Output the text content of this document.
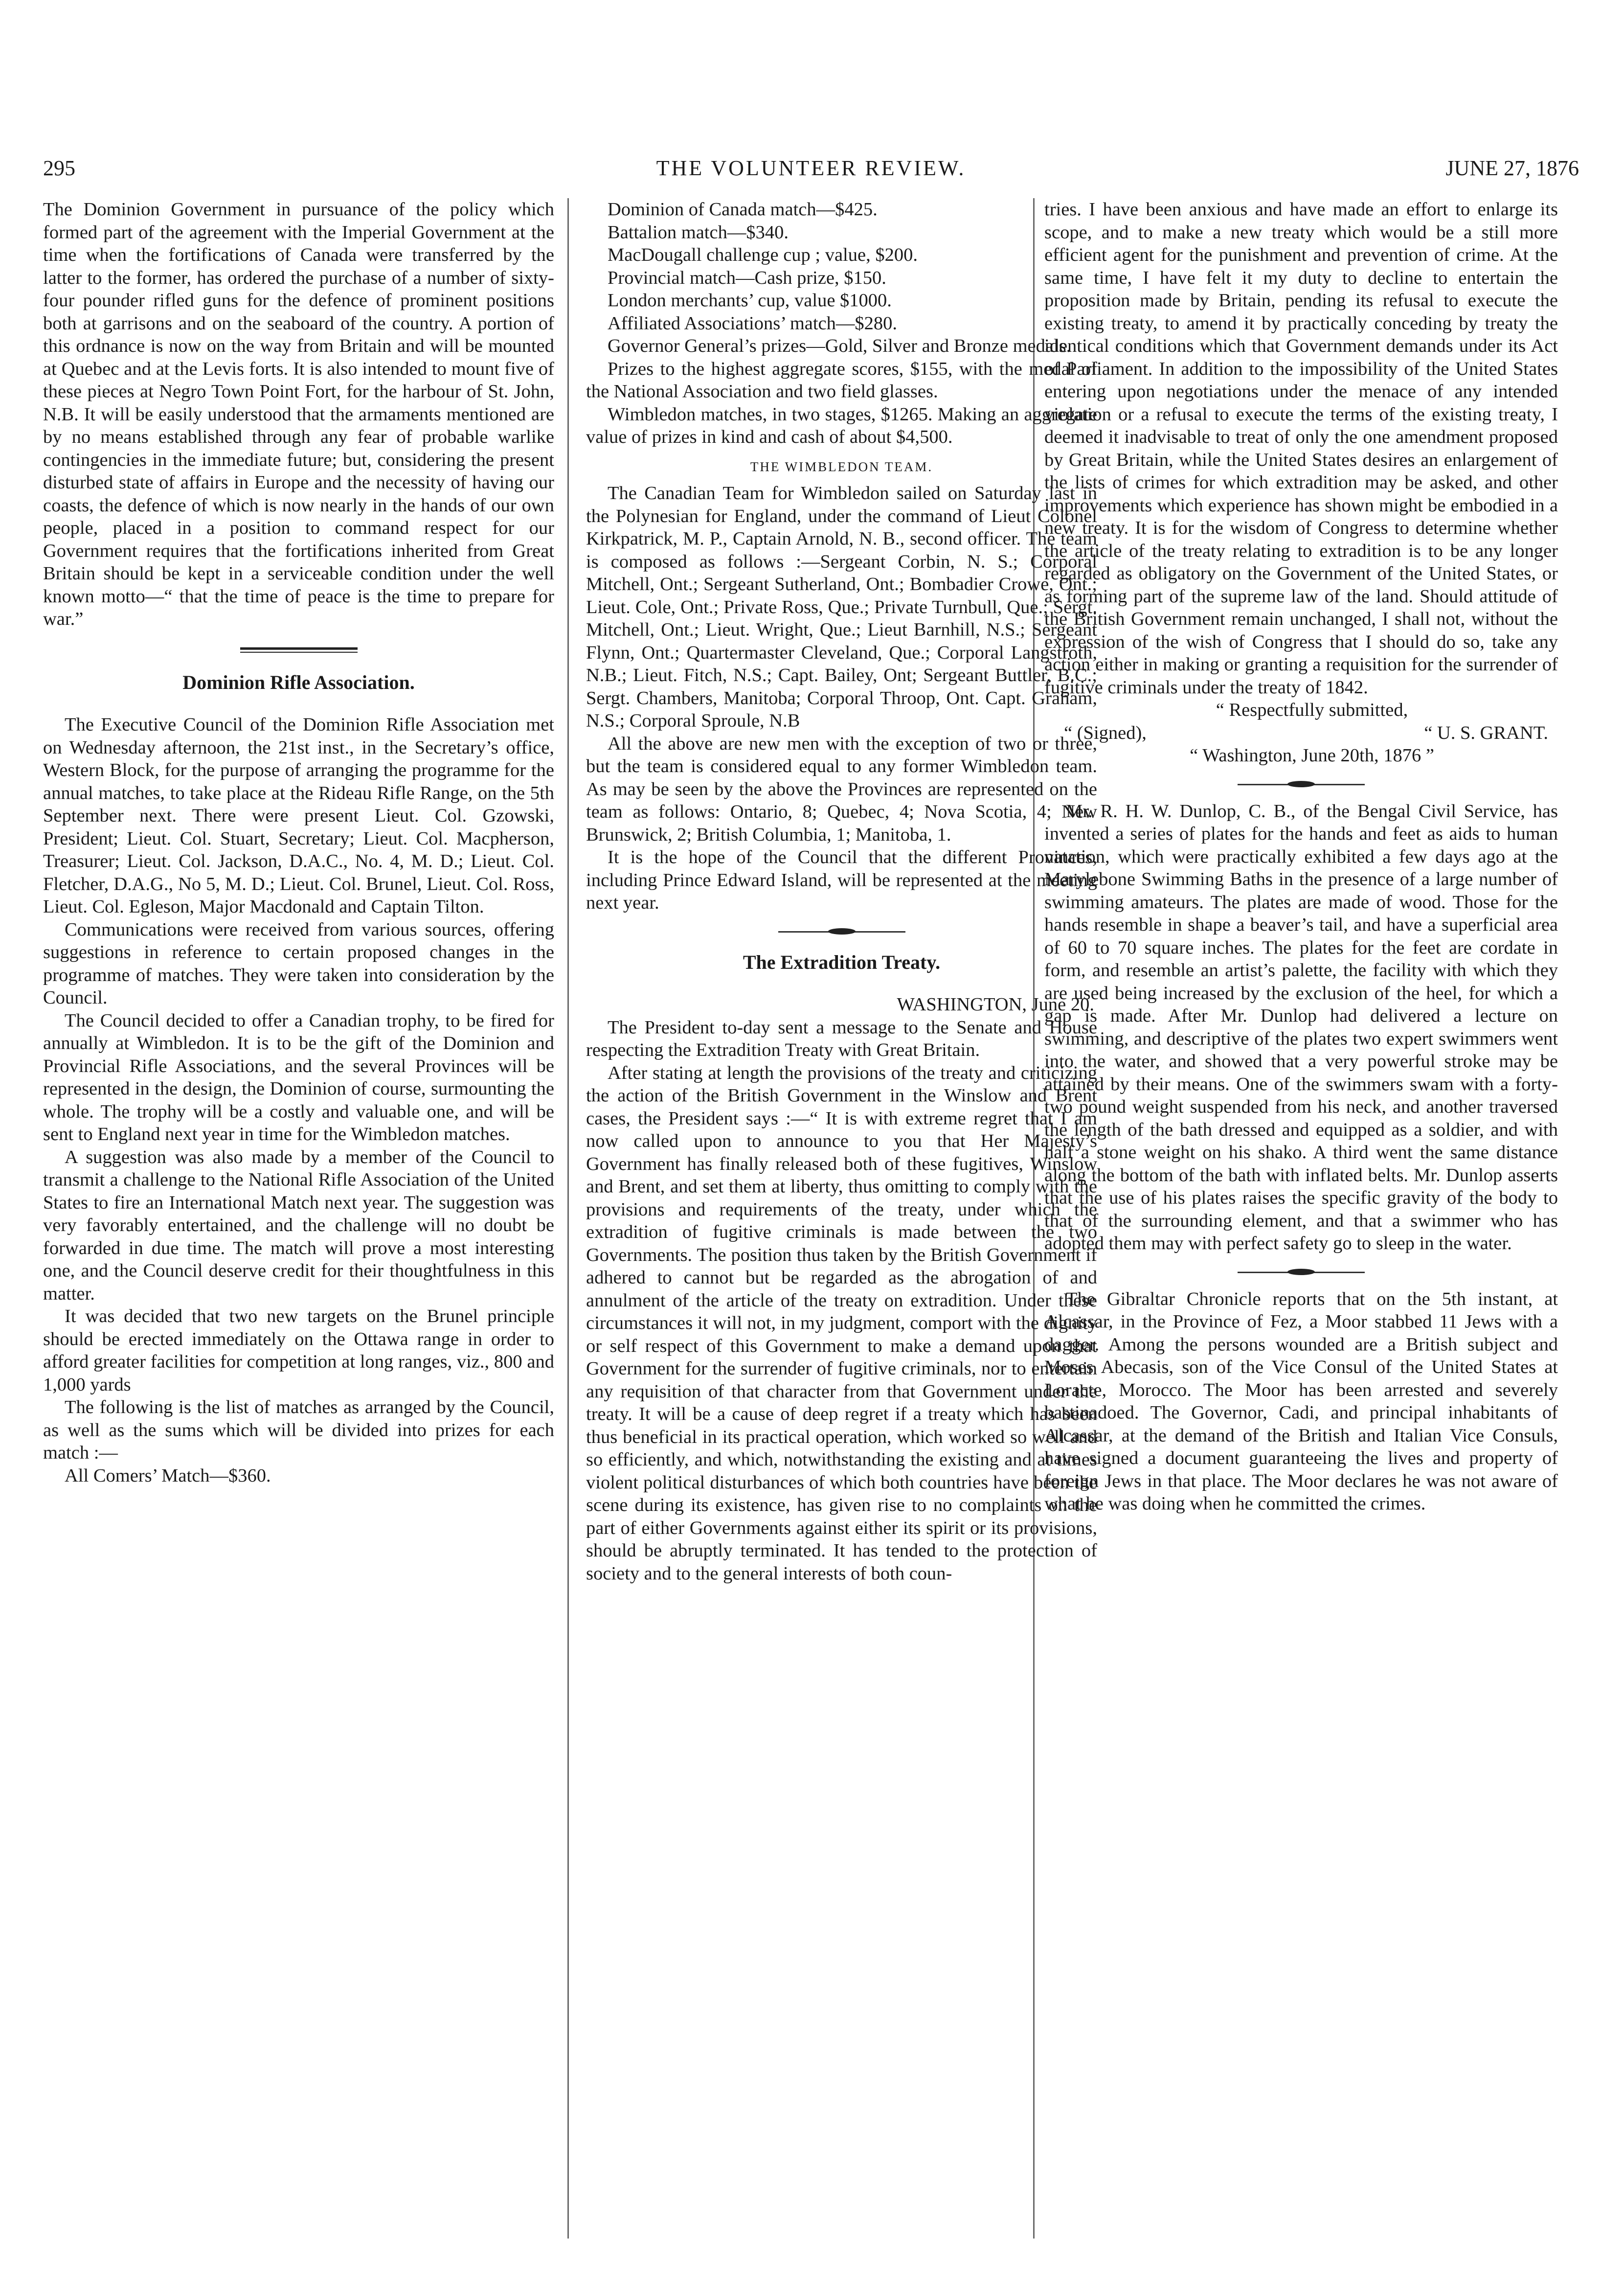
295	THE VOLUNTEER REVIEW.	JUNE 27, 1876

The Dominion Government in pursuance of the policy which formed part of the agreement with the Imperial Government at the time when the fortifications of Canada were transferred by the latter to the former, has ordered the purchase of a number of sixty-four pounder rifled guns for the defence of prominent positions both at garrisons and on the seaboard of the country. A portion of this ordnance is now on the way from Britain and will be mounted at Quebec and at the Levis forts. It is also intended to mount five of these pieces at Negro Town Point Fort, for the harbour of St. John, N.B. It will be easily understood that the armaments mentioned are by no means established through any fear of probable warlike contingencies in the immediate future; but, considering the present disturbed state of affairs in Europe and the necessity of having our coasts, the defence of which is now nearly in the hands of our own people, placed in a position to command respect for our Government requires that the fortifications inherited from Great Britain should be kept in a serviceable condition under the well known motto—“ that the time of peace is the time to prepare for war.”

Dominion Rifle Association.

The Executive Council of the Dominion Rifle Association met on Wednesday afternoon, the 21st inst., in the Secretary’s office, Western Block, for the purpose of arranging the programme for the annual matches, to take place at the Rideau Rifle Range, on the 5th September next. There were present Lieut. Col. Gzowski, President; Lieut. Col. Stuart, Secretary; Lieut. Col. Macpherson, Treasurer; Lieut. Col. Jackson, D.A.C., No. 4, M. D.; Lieut. Col. Fletcher, D.A.G., No 5, M. D.; Lieut. Col. Brunel, Lieut. Col. Ross, Lieut. Col. Egleson, Major Macdonald and Captain Tilton.

Communications were received from various sources, offering suggestions in reference to certain proposed changes in the programme of matches. They were taken into consideration by the Council.

The Council decided to offer a Canadian trophy, to be fired for annually at Wimbledon. It is to be the gift of the Dominion and Provincial Rifle Associations, and the several Provinces will be represented in the design, the Dominion of course, surmounting the whole. The trophy will be a costly and valuable one, and will be sent to England next year in time for the Wimbledon matches.

A suggestion was also made by a member of the Council to transmit a challenge to the National Rifle Association of the United States to fire an International Match next year. The suggestion was very favorably entertained, and the challenge will no doubt be forwarded in due time. The match will prove a most interesting one, and the Council deserve credit for their thoughtfulness in this matter.

It was decided that two new targets on the Brunel principle should be erected immediately on the Ottawa range in order to afford greater facilities for competition at long ranges, viz., 800 and 1,000 yards

The following is the list of matches as arranged by the Council, as well as the sums which will be divided into prizes for each match :—

All Comers’ Match—$360.

Dominion of Canada match—$425.

Battalion match—$340.

MacDougall challenge cup ; value, $200.

Provincial match—Cash prize, $150.

London merchants’ cup, value $1000.

Affiliated Associations’ match—$280.

Governor General’s prizes—Gold, Silver and Bronze medals.

Prizes to the highest aggregate scores, $155, with the medal of the National Association and two field glasses.

Wimbledon matches, in two stages, $1265. Making an aggregate value of prizes in kind and cash of about $4,500.

THE WIMBLEDON TEAM.

The Canadian Team for Wimbledon sailed on Saturday last in the Polynesian for England, under the command of Lieut Colonel Kirkpatrick, M. P., Captain Arnold, N. B., second officer. The team is composed as follows :—Sergeant Corbin, N. S.; Corporal Mitchell, Ont.; Sergeant Sutherland, Ont.; Bombadier Crowe, Ont.; Lieut. Cole, Ont.; Private Ross, Que.; Private Turnbull, Que.; Sergt. Mitchell, Ont.; Lieut. Wright, Que.; Lieut Barnhill, N.S.; Sergeant Flynn, Ont.; Quartermaster Cleveland, Que.; Corporal Langstroth, N.B.; Lieut. Fitch, N.S.; Capt. Bailey, Ont; Sergeant Buttler, B.C.; Sergt. Chambers, Manitoba; Corporal Throop, Ont. Capt. Graham, N.S.; Corporal Sproule, N.B

All the above are new men with the exception of two or three, but the team is considered equal to any former Wimbledon team. As may be seen by the above the Provinces are represented on the team as follows: Ontario, 8; Quebec, 4; Nova Scotia, 4; New Brunswick, 2; British Columbia, 1; Manitoba, 1.

It is the hope of the Council that the different Provinces, including Prince Edward Island, will be represented at the meeting next year.

The Extradition Treaty.
WASHINGTON, June 20.

The President to-day sent a message to the Senate and House respecting the Extradition Treaty with Great Britain.

After stating at length the provisions of the treaty and criticizing the action of the British Government in the Winslow and Brent cases, the President says :—“ It is with extreme regret that I am now called upon to announce to you that Her Majesty’s Government has finally released both of these fugitives, Winslow and Brent, and set them at liberty, thus omitting to comply with the provisions and requirements of the treaty, under which the extradition of fugitive criminals is made between the two Governments. The position thus taken by the British Government if adhered to cannot but be regarded as the abrogation of and annulment of the article of the treaty on extradition. Under these circumstances it will not, in my judgment, comport with the dignity or self respect of this Government to make a demand upon that Government for the surrender of fugitive criminals, nor to entertain any requisition of that character from that Government under the treaty. It will be a cause of deep regret if a treaty which has been thus beneficial in its practical operation, which worked so well and so efficiently, and which, notwithstanding the existing and at times violent political disturbances of which both countries have been the scene during its existence, has given rise to no complaints on the part of either Governments against either its spirit or its provisions, should be abruptly terminated. It has tended to the protection of society and to the general interests of both coun-

tries. I have been anxious and have made an effort to enlarge its scope, and to make a new treaty which would be a still more efficient agent for the punishment and prevention of crime. At the same time, I have felt it my duty to decline to entertain the proposition made by Britain, pending its refusal to execute the existing treaty, to amend it by practically conceding by treaty the identical conditions which that Government demands under its Act of Parliament. In addition to the impossibility of the United States entering upon negotiations under the menace of any intended violation or a refusal to execute the terms of the existing treaty, I deemed it inadvisable to treat of only the one amendment proposed by Great Britain, while the United States desires an enlargement of the lists of crimes for which extradition may be asked, and other improvements which experience has shown might be embodied in a new treaty. It is for the wisdom of Congress to determine whether the article of the treaty relating to extradition is to be any longer regarded as obligatory on the Government of the United States, or as forming part of the supreme law of the land. Should attitude of the British Government remain unchanged, I shall not, without the expression of the wish of Congress that I should do so, take any action either in making or granting a requisition for the surrender of fugitive criminals under the treaty of 1842.

“ Respectfully submitted,

“ (Signed),	“ U. S. GRANT.

“ Washington, June 20th, 1876 ”

Mr. R. H. W. Dunlop, C. B., of the Bengal Civil Service, has invented a series of plates for the hands and feet as aids to human natation, which were practically exhibited a few days ago at the Marylebone Swimming Baths in the presence of a large number of swimming amateurs. The plates are made of wood. Those for the hands resemble in shape a beaver’s tail, and have a superficial area of 60 to 70 square inches. The plates for the feet are cordate in form, and resemble an artist’s palette, the facility with which they are used being increased by the exclusion of the heel, for which a gap is made. After Mr. Dunlop had delivered a lecture on swimming, and descriptive of the plates two expert swimmers went into the water, and showed that a very powerful stroke may be attained by their means. One of the swimmers swam with a forty-two pound weight suspended from his neck, and another traversed the length of the bath dressed and equipped as a soldier, and with half a stone weight on his shako. A third went the same distance along the bottom of the bath with inflated belts. Mr. Dunlop asserts that the use of his plates raises the specific gravity of the body to that of the surrounding element, and that a swimmer who has adopted them may with perfect safety go to sleep in the water.

The Gibraltar Chronicle reports that on the 5th instant, at Alcassar, in the Province of Fez, a Moor stabbed 11 Jews with a dagger. Among the persons wounded are a British subject and Moses Abecasis, son of the Vice Consul of the United States at Loracte, Morocco. The Moor has been arrested and severely bastinadoed. The Governor, Cadi, and principal inhabitants of Alcassar, at the demand of the British and Italian Vice Consuls, have signed a document guaranteeing the lives and property of foreign Jews in that place. The Moor declares he was not aware of what he was doing when he committed the crimes.
